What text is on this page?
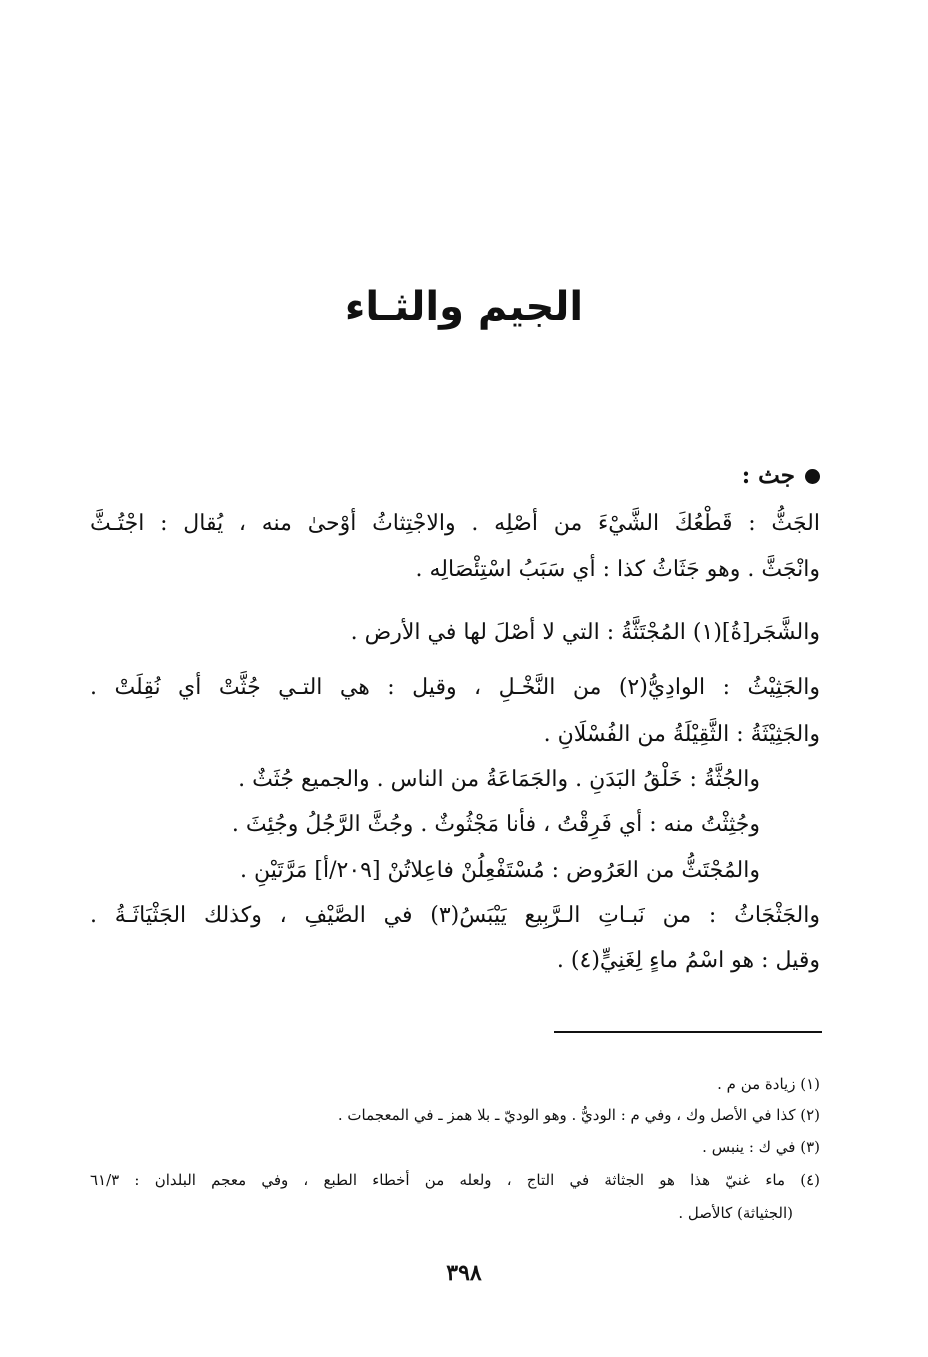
الجيم والثـاء
جث :
الجَثُّ : قَطْعُكَ الشَّيْءَ من أصْلِه . والاجْتِثاثُ أوْحىٰ منه ، يُقال : اجْتُـثَّ
وانْجَثَّ . وهو جَثَاثُ كذا : أي سَبَبُ اسْتِئْصَالِه .
والشَّجَر[ةُ](١) المُجْتَثَّةُ : التي لا أصْلَ لها في الأرض .
والجَثِيْثُ : الوادِيُّ(٢) من النَّخْـلِ ، وقيل : هي التـي جُثَّتْ أي نُقِلَتْ .
والجَثِيْثَةُ : الثَّقِيْلَةُ من الفُسْلَانِ .
والجُثَّةُ : خَلْقُ البَدَنِ . والجَمَاعَةُ من الناس . والجميع جُثَثٌ .
وجُثِثْتُ منه : أي فَرِقْتُ ، فأنا مَجْثُوثٌ . وجُثَّ الرَّجُلُ وجُئِثَ .
والمُجْتَثُّ من العَرُوض : مُسْتَفْعِلُنْ فاعِلاتُنْ [٢٠٩/أ] مَرَّتَيْنِ .
والجَثْجَاثُ : من نَبـاتِ الـرَّبِيع يَيْبَسُ(٣) في الصَّيْفِ ، وكذلك الجَثْيَاثَـةُ .
وقيل : هو اسْمُ ماءٍ لِغَنِيٍّ(٤) .
(١) زيادة من م .
(٢) كذا في الأصل وك ، وفي م : الوديُّ . وهو الوديّ ـ بلا همز ـ في المعجمات .
(٣) في ك : ينبس .
(٤) ماء غنيّ هذا هو الجثاثة في التاج ، ولعله من أخطاء الطبع ، وفي معجم البلدان : ٦١/٣
(الجثياثة) كالأصل .
٣٩٨
